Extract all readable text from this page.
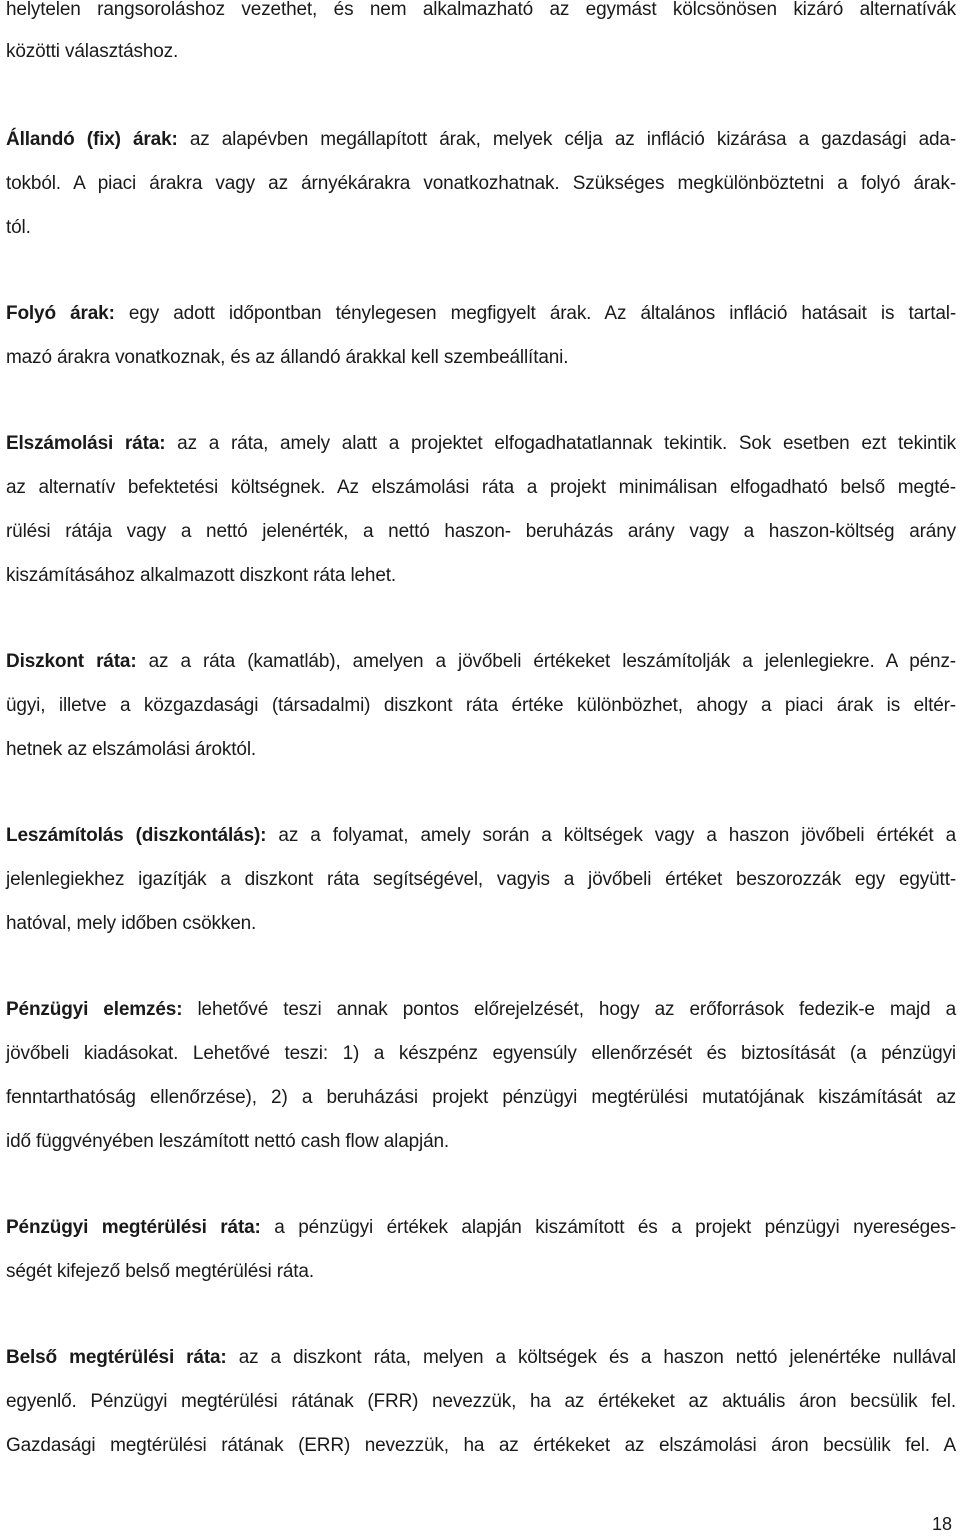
helytelen rangsoroláshoz vezethet, és nem alkalmazható az egymást kölcsönösen kizáró alternatívák
közötti választáshoz.
Állandó (fix) árak: az alapévben megállapított árak, melyek célja az infláció kizárása a gazdasági ada-
tokból. A piaci árakra vagy az árnyékárakra vonatkozhatnak. Szükséges megkülönböztetni a folyó árak-
tól.
Folyó árak: egy adott időpontban ténylegesen megfigyelt árak. Az általános infláció hatásait is tartal-
mazó árakra vonatkoznak, és az állandó árakkal kell szembeállítani.
Elszámolási ráta: az a ráta, amely alatt a projektet elfogadhatatlannak tekintik. Sok esetben ezt tekintik
az alternatív befektetési költségnek. Az elszámolási ráta a projekt minimálisan elfogadható belső megté-
rülési rátája vagy a nettó jelenérték, a nettó haszon- beruházás arány vagy a haszon-költség arány
kiszámításához alkalmazott diszkont ráta lehet.
Diszkont ráta: az a ráta (kamatláb), amelyen a jövőbeli értékeket leszámítolják a jelenlegiekre. A pénz-
ügyi, illetve a közgazdasági (társadalmi) diszkont ráta értéke különbözhet, ahogy a piaci árak is eltér-
hetnek az elszámolási ároktól.
Leszámítolás (diszkontálás): az a folyamat, amely során a költségek vagy a haszon jövőbeli értékét a
jelenlegiekhez igazítják a diszkont ráta segítségével, vagyis a jövőbeli értéket beszorozzák egy együtt-
hatóval, mely időben csökken.
Pénzügyi elemzés: lehetővé teszi annak pontos előrejelzését, hogy az erőforrások fedezik-e majd a
jövőbeli kiadásokat. Lehetővé teszi: 1) a készpénz egyensúly ellenőrzését és biztosítását (a pénzügyi
fenntarthatóság ellenőrzése), 2) a beruházási projekt pénzügyi megtérülési mutatójának kiszámítását az
idő függvényében leszámított nettó cash flow alapján.
Pénzügyi megtérülési ráta: a pénzügyi értékek alapján kiszámított és a projekt pénzügyi nyereséges-
ségét kifejező belső megtérülési ráta.
Belső megtérülési ráta: az a diszkont ráta, melyen a költségek és a haszon nettó jelenértéke nullával
egyenlő. Pénzügyi megtérülési rátának (FRR) nevezzük, ha az értékeket az aktuális áron becsülik fel.
Gazdasági megtérülési rátának (ERR) nevezzük, ha az értékeket az elszámolási áron becsülik fel. A
18
